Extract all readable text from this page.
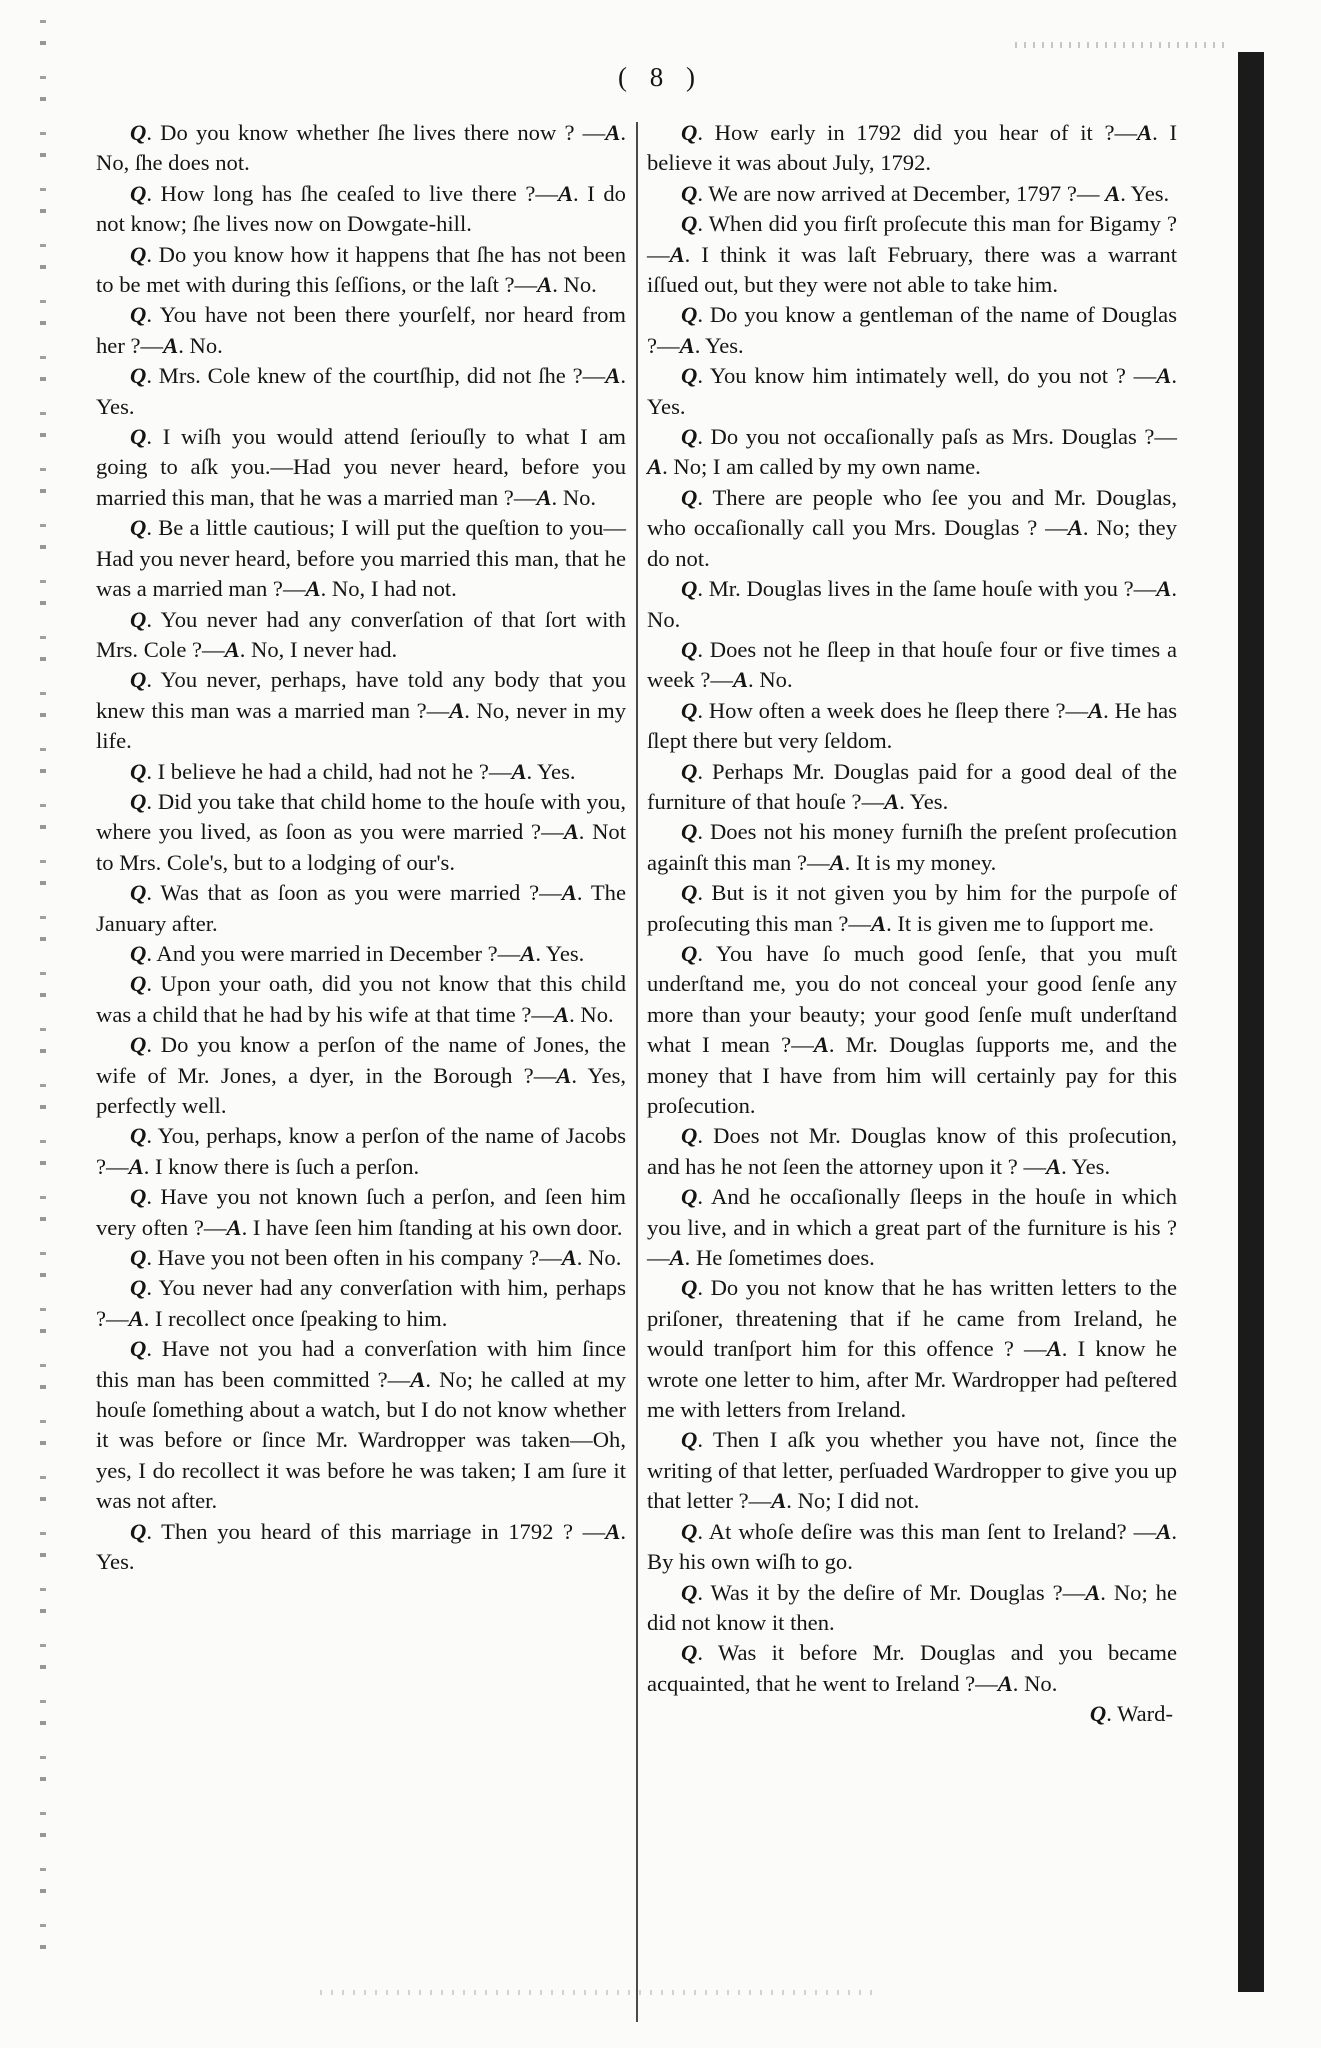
( 8 )

Q. Do you know whether ſhe lives there now ? —A. No, ſhe does not.

Q. How long has ſhe ceaſed to live there ?—A. I do not know; ſhe lives now on Dowgate-hill.

Q. Do you know how it happens that ſhe has not been to be met with during this ſeſſions, or the laſt ?—A. No.

Q. You have not been there yourſelf, nor heard from her ?—A. No.

Q. Mrs. Cole knew of the courtſhip, did not ſhe ?—A. Yes.

Q. I wiſh you would attend ſeriouſly to what I am going to aſk you.—Had you never heard, before you married this man, that he was a married man ?—A. No.

Q. Be a little cautious; I will put the queſtion to you—Had you never heard, before you married this man, that he was a married man ?—A. No, I had not.

Q. You never had any converſation of that ſort with Mrs. Cole ?—A. No, I never had.

Q. You never, perhaps, have told any body that you knew this man was a married man ?—A. No, never in my life.

Q. I believe he had a child, had not he ?—A. Yes.

Q. Did you take that child home to the houſe with you, where you lived, as ſoon as you were married ?—A. Not to Mrs. Cole's, but to a lodging of our's.

Q. Was that as ſoon as you were married ?—A. The January after.

Q. And you were married in December ?—A. Yes.

Q. Upon your oath, did you not know that this child was a child that he had by his wife at that time ?—A. No.

Q. Do you know a perſon of the name of Jones, the wife of Mr. Jones, a dyer, in the Borough ?—A. Yes, perfectly well.

Q. You, perhaps, know a perſon of the name of Jacobs ?—A. I know there is ſuch a perſon.

Q. Have you not known ſuch a perſon, and ſeen him very often ?—A. I have ſeen him ſtanding at his own door.

Q. Have you not been often in his company ?—A. No.

Q. You never had any converſation with him, perhaps ?—A. I recollect once ſpeaking to him.

Q. Have not you had a converſation with him ſince this man has been committed ?—A. No; he called at my houſe ſomething about a watch, but I do not know whether it was before or ſince Mr. Wardropper was taken—Oh, yes, I do recollect it was before he was taken; I am ſure it was not after.

Q. Then you heard of this marriage in 1792 ? —A. Yes.

Q. How early in 1792 did you hear of it ?—A. I believe it was about July, 1792.

Q. We are now arrived at December, 1797 ?— A. Yes.

Q. When did you firſt proſecute this man for Bigamy ?—A. I think it was laſt February, there was a warrant iſſued out, but they were not able to take him.

Q. Do you know a gentleman of the name of Douglas ?—A. Yes.

Q. You know him intimately well, do you not ? —A. Yes.

Q. Do you not occaſionally paſs as Mrs. Douglas ?—A. No; I am called by my own name.

Q. There are people who ſee you and Mr. Douglas, who occaſionally call you Mrs. Douglas ? —A. No; they do not.

Q. Mr. Douglas lives in the ſame houſe with you ?—A. No.

Q. Does not he ſleep in that houſe four or five times a week ?—A. No.

Q. How often a week does he ſleep there ?—A. He has ſlept there but very ſeldom.

Q. Perhaps Mr. Douglas paid for a good deal of the furniture of that houſe ?—A. Yes.

Q. Does not his money furniſh the preſent proſecution againſt this man ?—A. It is my money.

Q. But is it not given you by him for the purpoſe of proſecuting this man ?—A. It is given me to ſupport me.

Q. You have ſo much good ſenſe, that you muſt underſtand me, you do not conceal your good ſenſe any more than your beauty; your good ſenſe muſt underſtand what I mean ?—A. Mr. Douglas ſupports me, and the money that I have from him will certainly pay for this proſecution.

Q. Does not Mr. Douglas know of this proſecution, and has he not ſeen the attorney upon it ? —A. Yes.

Q. And he occaſionally ſleeps in the houſe in which you live, and in which a great part of the furniture is his ?—A. He ſometimes does.

Q. Do you not know that he has written letters to the priſoner, threatening that if he came from Ireland, he would tranſport him for this offence ? —A. I know he wrote one letter to him, after Mr. Wardropper had peſtered me with letters from Ireland.

Q. Then I aſk you whether you have not, ſince the writing of that letter, perſuaded Wardropper to give you up that letter ?—A. No; I did not.

Q. At whoſe deſire was this man ſent to Ireland? —A. By his own wiſh to go.

Q. Was it by the deſire of Mr. Douglas ?—A. No; he did not know it then.

Q. Was it before Mr. Douglas and you became acquainted, that he went to Ireland ?—A. No.

Q. Ward-
